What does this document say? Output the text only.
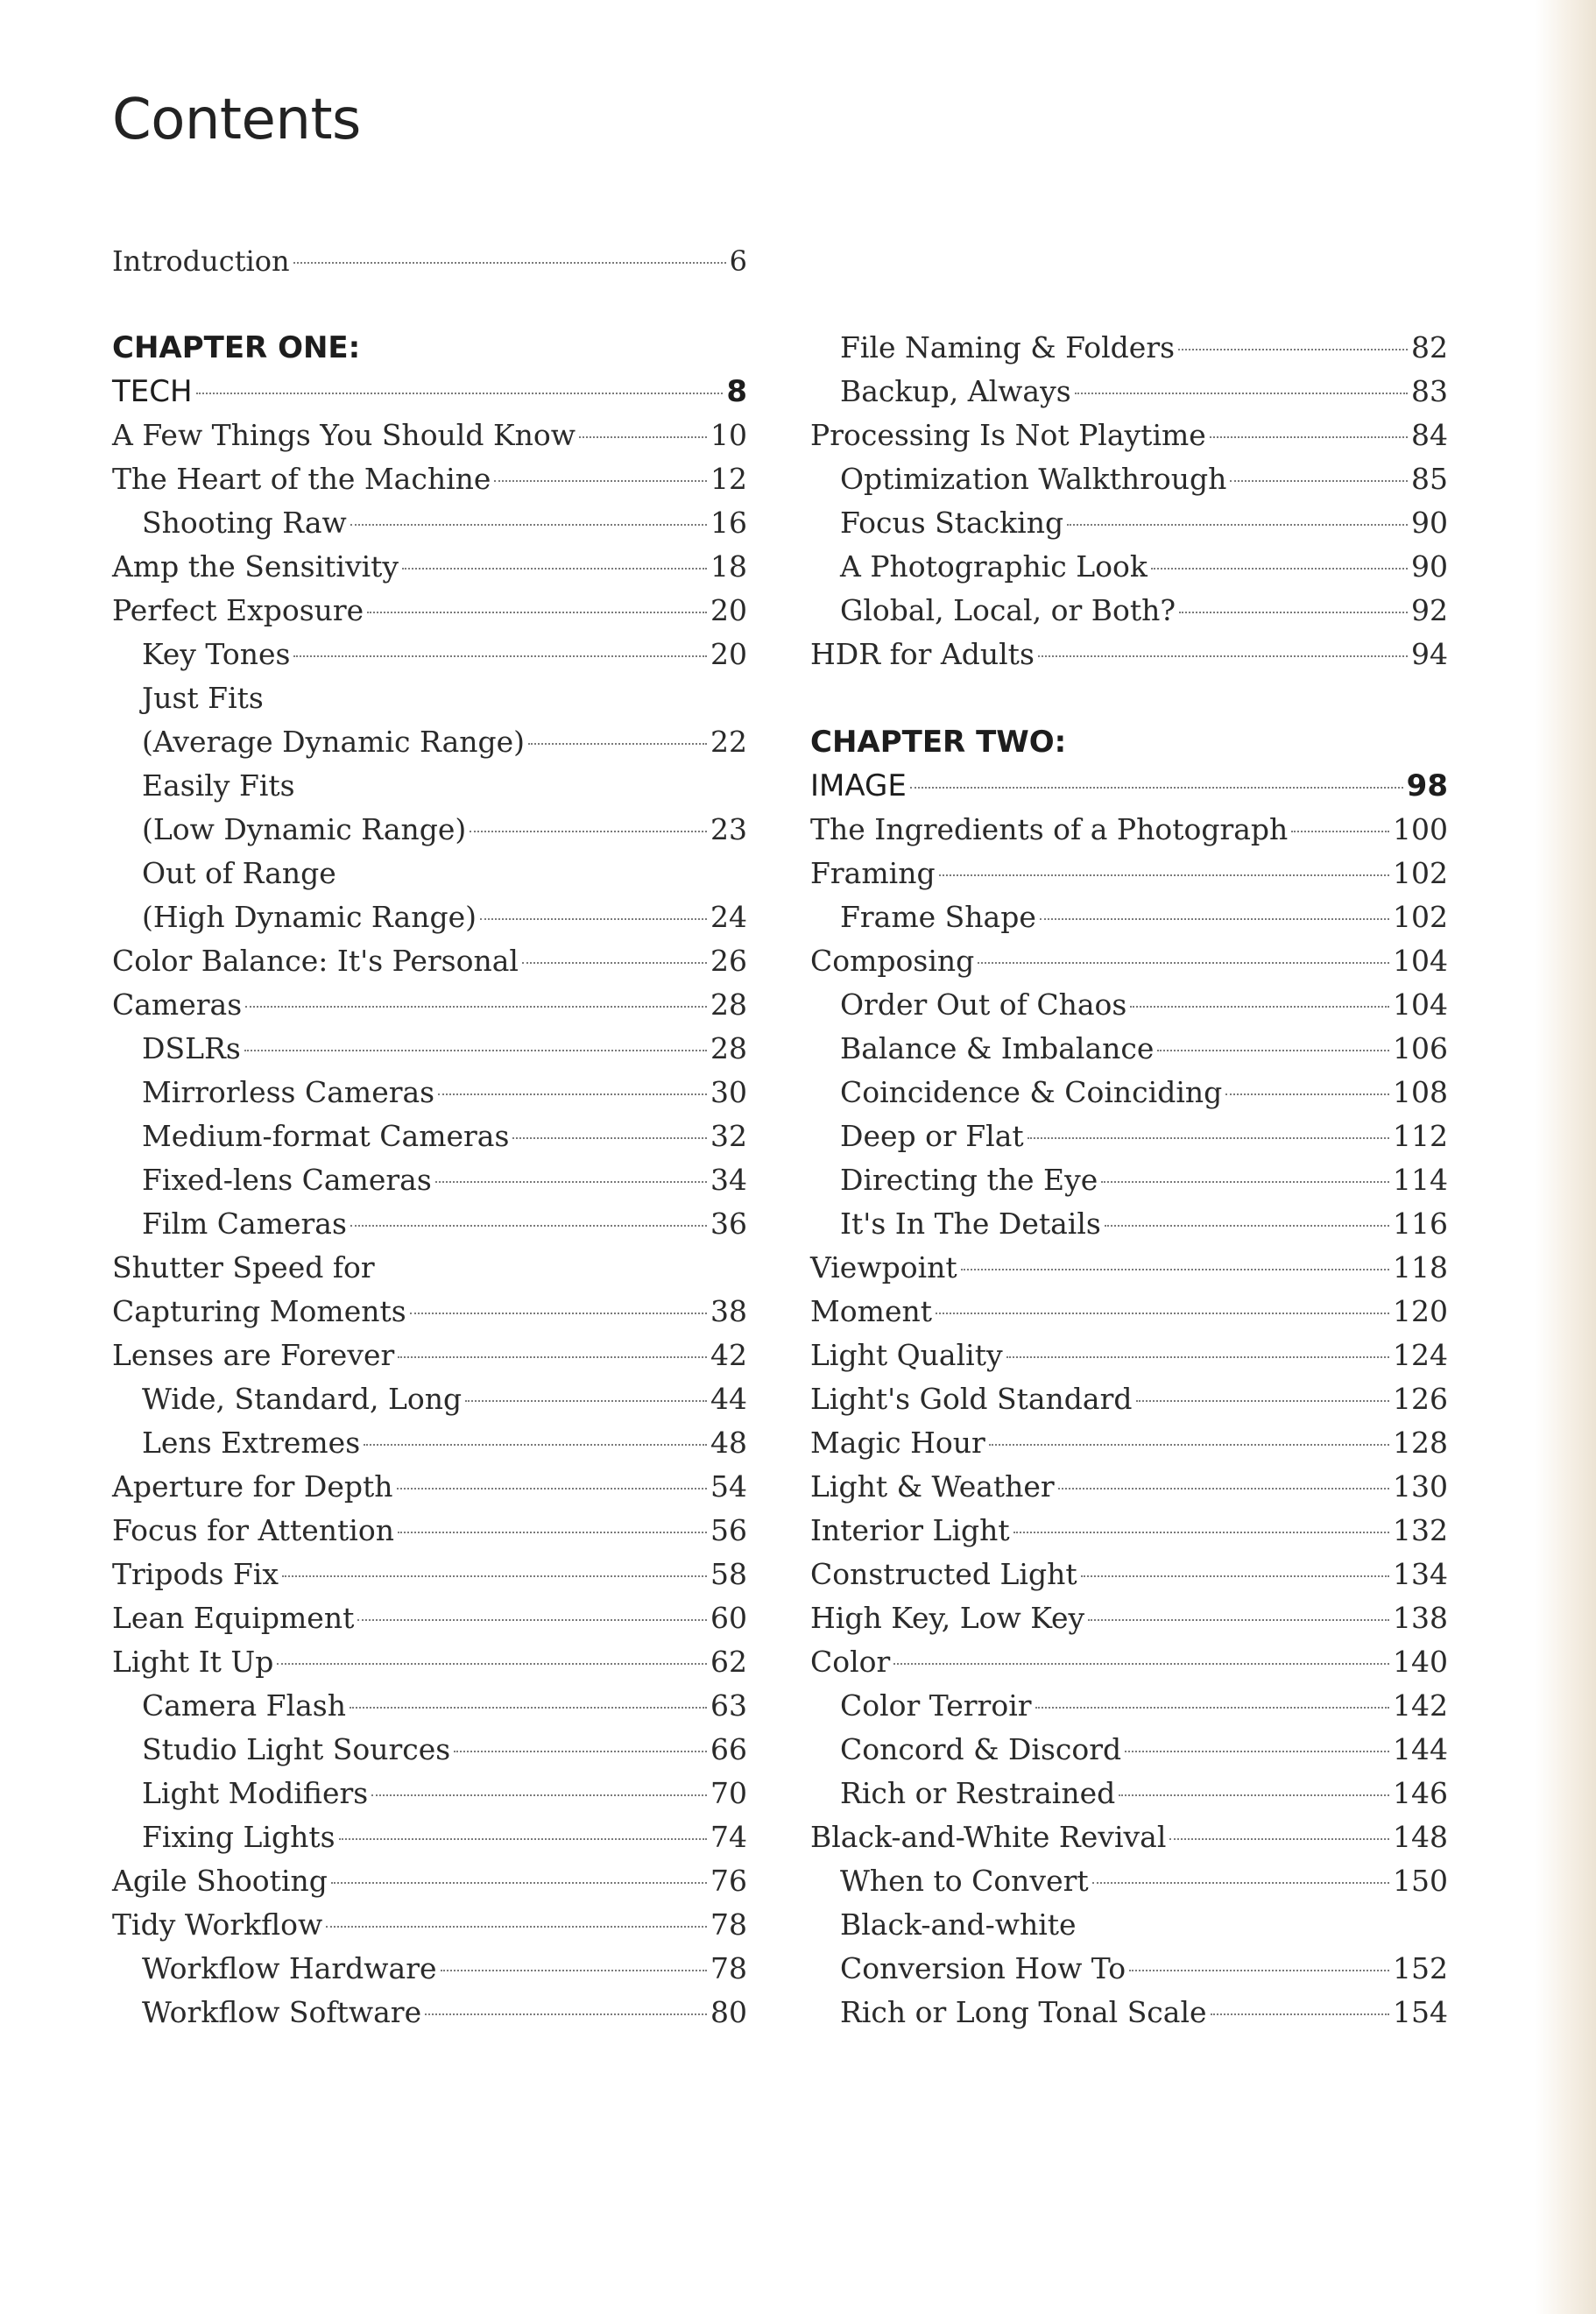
Contents
Introduction	6
CHAPTER ONE:
TECH	8
A Few Things You Should Know	10
The Heart of the Machine	12
Shooting Raw	16
Amp the Sensitivity	18
Perfect Exposure	20
Key Tones	20
Just Fits
(Average Dynamic Range)	22
Easily Fits
(Low Dynamic Range)	23
Out of Range
(High Dynamic Range)	24
Color Balance: It's Personal	26
Cameras	28
DSLRs	28
Mirrorless Cameras	30
Medium-format Cameras	32
Fixed-lens Cameras	34
Film Cameras	36
Shutter Speed for
Capturing Moments	38
Lenses are Forever	42
Wide, Standard, Long	44
Lens Extremes	48
Aperture for Depth	54
Focus for Attention	56
Tripods Fix	58
Lean Equipment	60
Light It Up	62
Camera Flash	63
Studio Light Sources	66
Light Modifiers	70
Fixing Lights	74
Agile Shooting	76
Tidy Workflow	78
Workflow Hardware	78
Workflow Software	80
File Naming & Folders	82
Backup, Always	83
Processing Is Not Playtime	84
Optimization Walkthrough	85
Focus Stacking	90
A Photographic Look	90
Global, Local, or Both?	92
HDR for Adults	94
CHAPTER TWO:
IMAGE	98
The Ingredients of a Photograph	100
Framing	102
Frame Shape	102
Composing	104
Order Out of Chaos	104
Balance & Imbalance	106
Coincidence & Coinciding	108
Deep or Flat	112
Directing the Eye	114
It's In The Details	116
Viewpoint	118
Moment	120
Light Quality	124
Light's Gold Standard	126
Magic Hour	128
Light & Weather	130
Interior Light	132
Constructed Light	134
High Key, Low Key	138
Color	140
Color Terroir	142
Concord & Discord	144
Rich or Restrained	146
Black-and-White Revival	148
When to Convert	150
Black-and-white
Conversion How To	152
Rich or Long Tonal Scale	154
